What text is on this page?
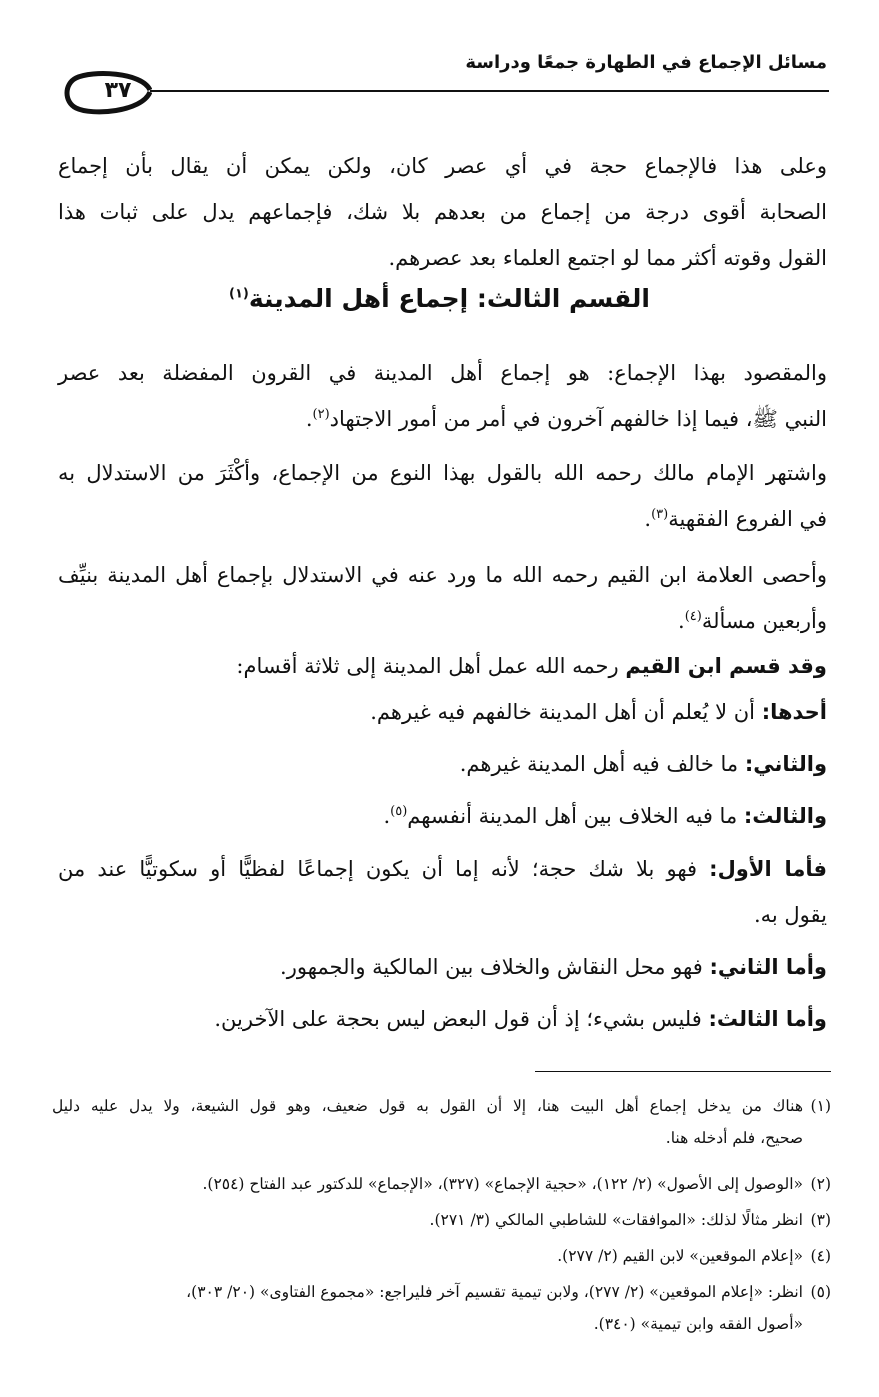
مسائل الإجماع في الطهارة جمعًا ودراسة
٣٧
وعلى هذا فالإجماع حجة في أي عصر كان، ولكن يمكن أن يقال بأن إجماع
الصحابة أقوى درجة من إجماع من بعدهم بلا شك، فإجماعهم يدل على ثبات هذا
القول وقوته أكثر مما لو اجتمع العلماء بعد عصرهم.
القسم الثالث: إجماع أهل المدينة$^{(١)}$
والمقصود بهذا الإجماع: هو إجماع أهل المدينة في القرون المفضلة بعد عصر
النبي ﷺ، فيما إذا خالفهم آخرون في أمر من أمور الاجتهاد$^{(٢)}$.
واشتهر الإمام مالك رحمه الله بالقول بهذا النوع من الإجماع، وأكْثَرَ من الاستدلال به
في الفروع الفقهية$^{(٣)}$.
وأحصى العلامة ابن القيم رحمه الله ما ورد عنه في الاستدلال بإجماع أهل المدينة بنيِّف
وأربعين مسألة$^{(٤)}$.
وقد قسم ابن القيم رحمه الله عمل أهل المدينة إلى ثلاثة أقسام:
أحدها: أن لا يُعلم أن أهل المدينة خالفهم فيه غيرهم.
والثاني: ما خالف فيه أهل المدينة غيرهم.
والثالث: ما فيه الخلاف بين أهل المدينة أنفسهم$^{(٥)}$.
فأما الأول: فهو بلا شك حجة؛ لأنه إما أن يكون إجماعًا لفظيًّا أو سكوتيًّا عند من
يقول به.
وأما الثاني: فهو محل النقاش والخلاف بين المالكية والجمهور.
وأما الثالث: فليس بشيء؛ إذ أن قول البعض ليس بحجة على الآخرين.
(١)هناك من يدخل إجماع أهل البيت هنا، إلا أن القول به قول ضعيف، وهو قول الشيعة، ولا يدل عليه دليل
صحيح، فلم أدخله هنا.
(٢)«الوصول إلى الأصول» (٢/ ١٢٢)، «حجية الإجماع» (٣٢٧)، «الإجماع» للدكتور عبد الفتاح (٢٥٤).
(٣)انظر مثالًا لذلك: «الموافقات» للشاطبي المالكي (٣/ ٢٧١).
(٤)«إعلام الموقعين» لابن القيم (٢/ ٢٧٧).
(٥)انظر: «إعلام الموقعين» (٢/ ٢٧٧)، ولابن تيمية تقسيم آخر فليراجع: «مجموع الفتاوى» (٢٠/ ٣٠٣)،
«أصول الفقه وابن تيمية» (٣٤٠).
